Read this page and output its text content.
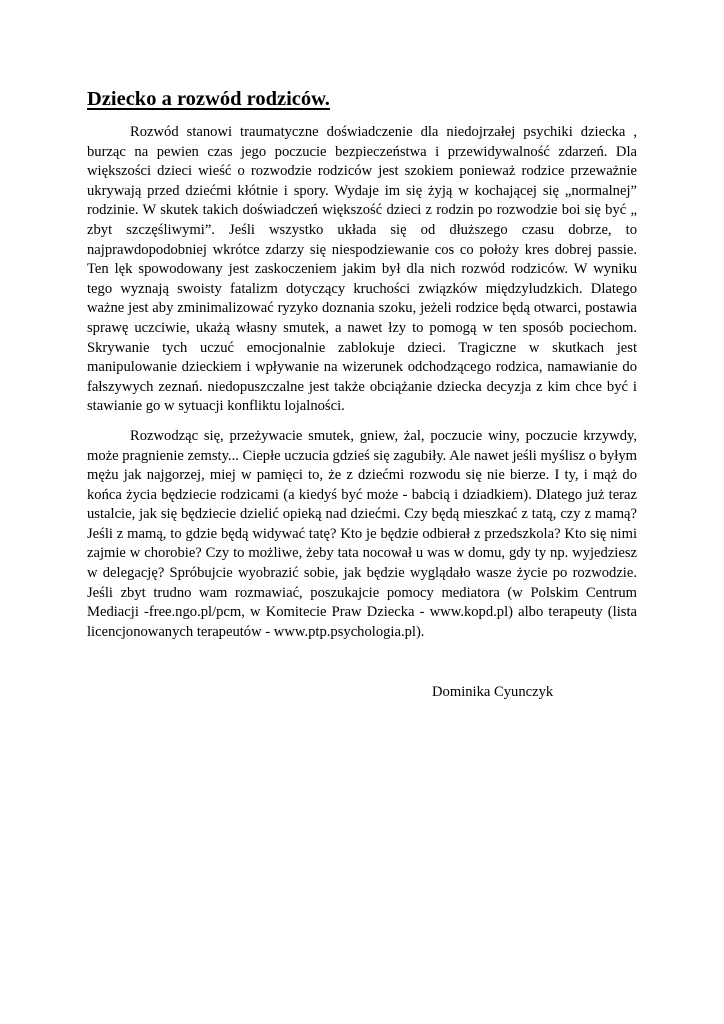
Dziecko a rozwód rodziców.

Rozwód stanowi traumatyczne doświadczenie dla niedojrzałej psychiki dziecka , burząc na pewien czas jego poczucie bezpieczeństwa i przewidywalność zdarzeń. Dla większości dzieci wieść o rozwodzie rodziców jest szokiem ponieważ rodzice przeważnie ukrywają przed dziećmi kłótnie i spory. Wydaje im się żyją w kochającej się „normalnej” rodzinie. W skutek takich doświadczeń większość dzieci z rodzin po rozwodzie boi się być „ zbyt szczęśliwymi”. Jeśli wszystko układa się od dłuższego czasu dobrze, to najprawdopodobniej wkrótce zdarzy się niespodziewanie cos co położy kres dobrej passie. Ten lęk spowodowany jest zaskoczeniem jakim był dla nich rozwód rodziców. W wyniku tego wyznają swoisty fatalizm dotyczący kruchości związków międzyludzkich. Dlatego ważne jest aby zminimalizować ryzyko doznania szoku, jeżeli rodzice będą otwarci, postawia sprawę uczciwie, ukażą własny smutek, a nawet łzy to pomogą w ten sposób pociechom. Skrywanie tych uczuć emocjonalnie zablokuje dzieci. Tragiczne w skutkach jest manipulowanie dzieckiem i wpływanie na wizerunek odchodzącego rodzica, namawianie do fałszywych zeznań. niedopuszczalne jest także obciążanie dziecka decyzja z kim chce być i stawianie go w sytuacji konfliktu lojalności.

Rozwodząc się, przeżywacie smutek, gniew, żal, poczucie winy, poczucie krzywdy, może pragnienie zemsty... Ciepłe uczucia gdzieś się zagubiły. Ale nawet jeśli myślisz o byłym mężu jak najgorzej, miej w pamięci to, że z dziećmi rozwodu się nie bierze. I ty, i mąż do końca życia będziecie rodzicami (a kiedyś być może - babcią i dziadkiem). Dlatego już teraz ustalcie, jak się będziecie dzielić opieką nad dziećmi. Czy będą mieszkać z tatą, czy z mamą? Jeśli z mamą, to gdzie będą widywać tatę? Kto je będzie odbierał z przedszkola? Kto się nimi zajmie w chorobie? Czy to możliwe, żeby tata nocował u was w domu, gdy ty np. wyjedziesz w delegację? Spróbujcie wyobrazić sobie, jak będzie wyglądało wasze życie po rozwodzie. Jeśli zbyt trudno wam rozmawiać, poszukajcie pomocy mediatora (w Polskim Centrum Mediacji -free.ngo.pl/pcm, w Komitecie Praw Dziecka - www.kopd.pl) albo terapeuty (lista licencjonowanych terapeutów - www.ptp.psychologia.pl).

Dominika Cyunczyk
